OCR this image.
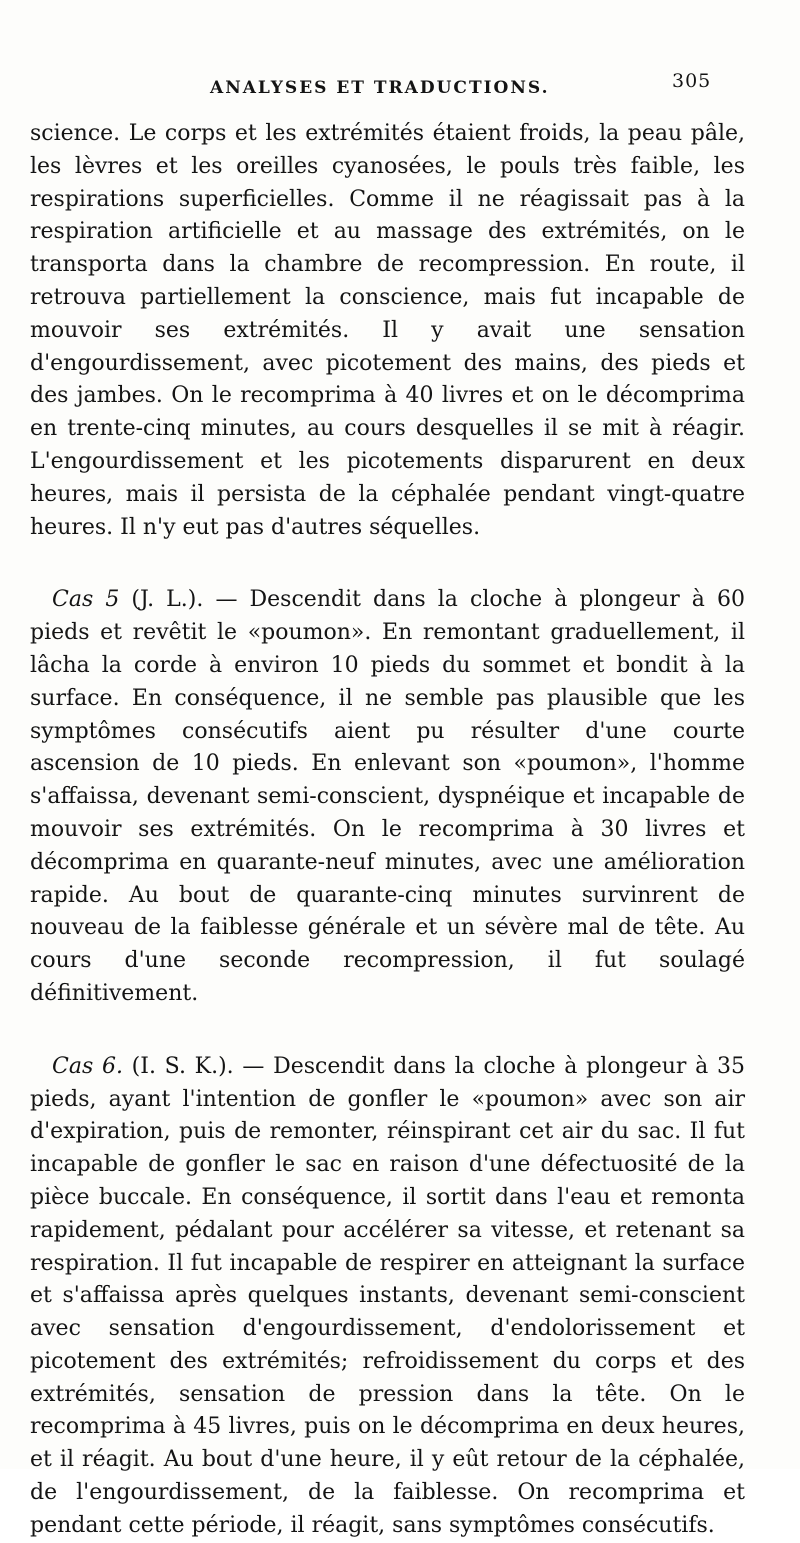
ANALYSES ET TRADUCTIONS.	305

science. Le corps et les extrémités étaient froids, la peau pâle, les lèvres et les oreilles cyanosées, le pouls très faible, les respirations superficielles. Comme il ne réagissait pas à la respiration artificielle et au massage des extrémités, on le transporta dans la chambre de recompression. En route, il retrouva partiellement la conscience, mais fut incapable de mouvoir ses extrémités. Il y avait une sensation d'engourdissement, avec picotement des mains, des pieds et des jambes. On le recomprima à 40 livres et on le décomprima en trente-cinq minutes, au cours desquelles il se mit à réagir. L'engourdissement et les picotements disparurent en deux heures, mais il persista de la céphalée pendant vingt-quatre heures. Il n'y eut pas d'autres séquelles.

Cas 5 (J. L.). — Descendit dans la cloche à plongeur à 60 pieds et revêtit le «poumon». En remontant graduellement, il lâcha la corde à environ 10 pieds du sommet et bondit à la surface. En conséquence, il ne semble pas plausible que les symptômes consécutifs aient pu résulter d'une courte ascension de 10 pieds. En enlevant son «poumon», l'homme s'affaissa, devenant semi-conscient, dyspnéique et incapable de mouvoir ses extrémités. On le recomprima à 30 livres et décomprima en quarante-neuf minutes, avec une amélioration rapide. Au bout de quarante-cinq minutes survinrent de nouveau de la faiblesse générale et un sévère mal de tête. Au cours d'une seconde recompression, il fut soulagé définitivement.

Cas 6. (I. S. K.). — Descendit dans la cloche à plongeur à 35 pieds, ayant l'intention de gonfler le «poumon» avec son air d'expiration, puis de remonter, réinspirant cet air du sac. Il fut incapable de gonfler le sac en raison d'une défectuosité de la pièce buccale. En conséquence, il sortit dans l'eau et remonta rapidement, pédalant pour accélérer sa vitesse, et retenant sa respiration. Il fut incapable de respirer en atteignant la surface et s'affaissa après quelques instants, devenant semi-conscient avec sensation d'engourdissement, d'endolorissement et picotement des extrémités; refroidissement du corps et des extrémités, sensation de pression dans la tête. On le recomprima à 45 livres, puis on le décomprima en deux heures, et il réagit. Au bout d'une heure, il y eût retour de la céphalée, de l'engourdissement, de la faiblesse. On recomprima et pendant cette période, il réagit, sans symptômes consécutifs.
